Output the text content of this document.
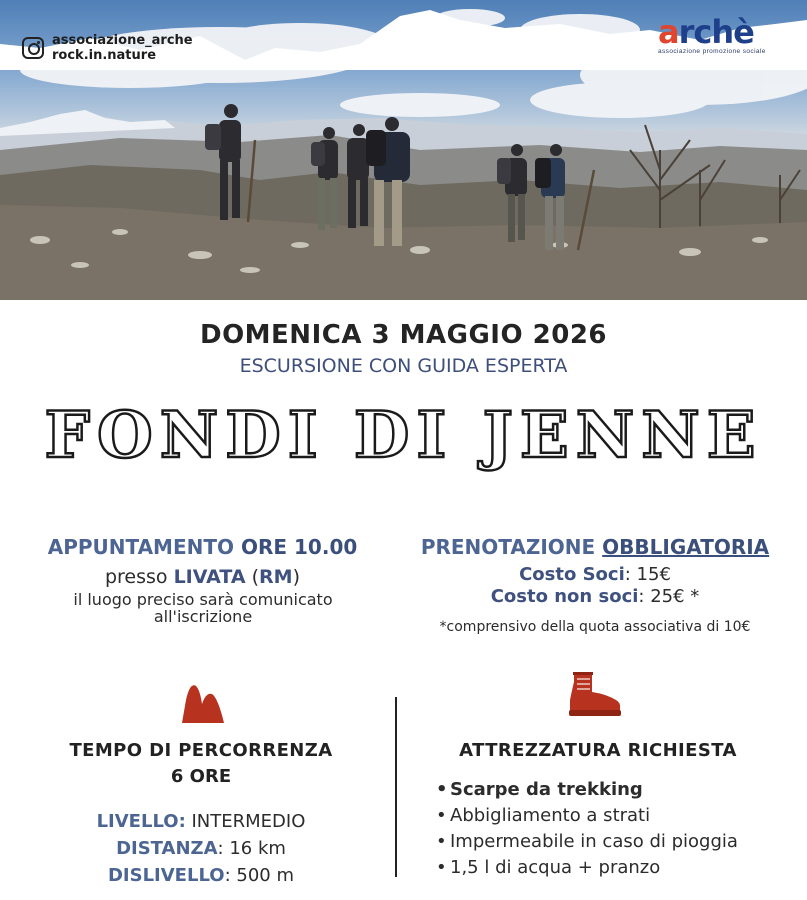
associazione_arche
rock.in.nature
archè
associazione promozione sociale
DOMENICA 3 MAGGIO 2026
ESCURSIONE CON GUIDA ESPERTA
FONDI DI JENNE
APPUNTAMENTO ORE 10.00
presso LIVATA (RM)
il luogo preciso sarà comunicato all'iscrizione
PRENOTAZIONE OBBLIGATORIA
Costo Soci: 15€
Costo non soci: 25€ *
*comprensivo della quota associativa di 10€
TEMPO DI PERCORRENZA
6 ORE
LIVELLO: INTERMEDIO
DISTANZA: 16 km
DISLIVELLO: 500 m
ATTREZZATURA RICHIESTA
• Scarpe da trekking
• Abbigliamento a strati
• Impermeabile in caso di pioggia
• 1,5 l di acqua + pranzo
